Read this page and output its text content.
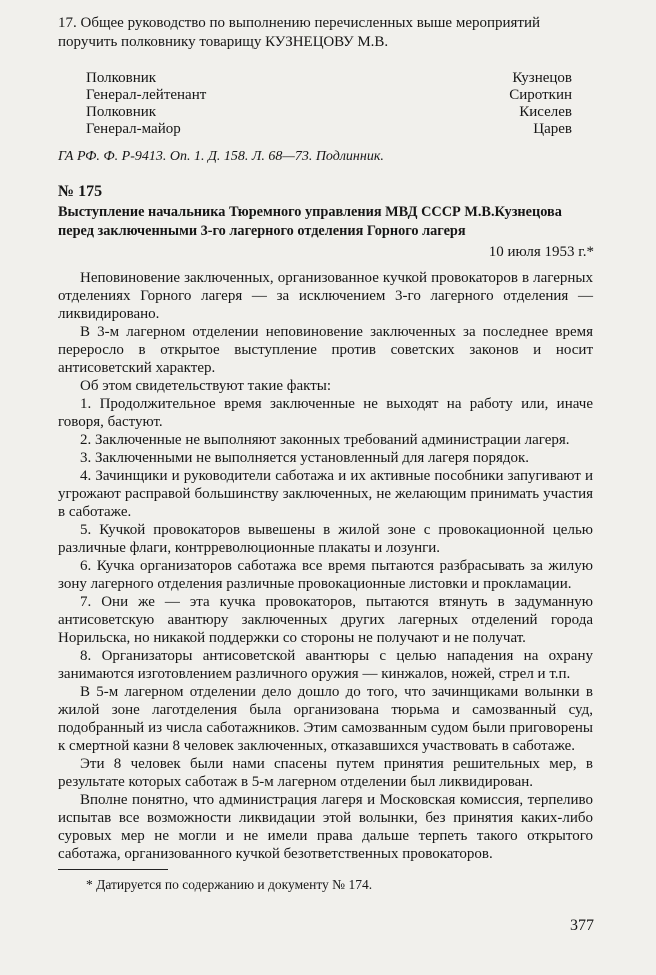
17. Общее руководство по выполнению перечисленных выше мероприятий
поручить полковнику товарищу КУЗНЕЦОВУ М.В.
Полковник	Кузнецов
Генерал-лейтенант	Сироткин
Полковник	Киселев
Генерал-майор	Царев
ГА РФ. Ф. Р-9413. Оп. 1. Д. 158. Л. 68—73. Подлинник.
№ 175
Выступление начальника Тюремного управления МВД СССР М.В.Кузнецова
перед заключенными 3-го лагерного отделения Горного лагеря
10 июля 1953 г.*

Неповиновение заключенных, организованное кучкой провокаторов в лагерных отделениях Горного лагеря — за исключением 3-го лагерного отделения — ликвидировано.

В 3-м лагерном отделении неповиновение заключенных за последнее время переросло в открытое выступление против советских законов и носит антисоветский характер.

Об этом свидетельствуют такие факты:

1. Продолжительное время заключенные не выходят на работу или, иначе говоря, бастуют.

2. Заключенные не выполняют законных требований администрации лагеря.

3. Заключенными не выполняется установленный для лагеря порядок.

4. Зачинщики и руководители саботажа и их активные пособники запугивают и угрожают расправой большинству заключенных, не желающим принимать участия в саботаже.

5. Кучкой провокаторов вывешены в жилой зоне с провокационной целью различные флаги, контрреволюционные плакаты и лозунги.

6. Кучка организаторов саботажа все время пытаются разбрасывать за жилую зону лагерного отделения различные провокационные листовки и прокламации.

7. Они же — эта кучка провокаторов, пытаются втянуть в задуманную антисоветскую авантюру заключенных других лагерных отделений города Норильска, но никакой поддержки со стороны не получают и не получат.

8. Организаторы антисоветской авантюры с целью нападения на охрану занимаются изготовлением различного оружия — кинжалов, ножей, стрел и т.п.

В 5-м лагерном отделении дело дошло до того, что зачинщиками волынки в жилой зоне лаготделения была организована тюрьма и самозванный суд, подобранный из числа саботажников. Этим самозванным судом были приговорены к смертной казни 8 человек заключенных, отказавшихся участвовать в саботаже.

Эти 8 человек были нами спасены путем принятия решительных мер, в результате которых саботаж в 5-м лагерном отделении был ликвидирован.

Вполне понятно, что администрация лагеря и Московская комиссия, терпеливо испытав все возможности ликвидации этой волынки, без принятия каких-либо суровых мер не могли и не имели права дальше терпеть такого открытого саботажа, организованного кучкой безответственных провокаторов.

* Датируется по содержанию и документу № 174.
377
